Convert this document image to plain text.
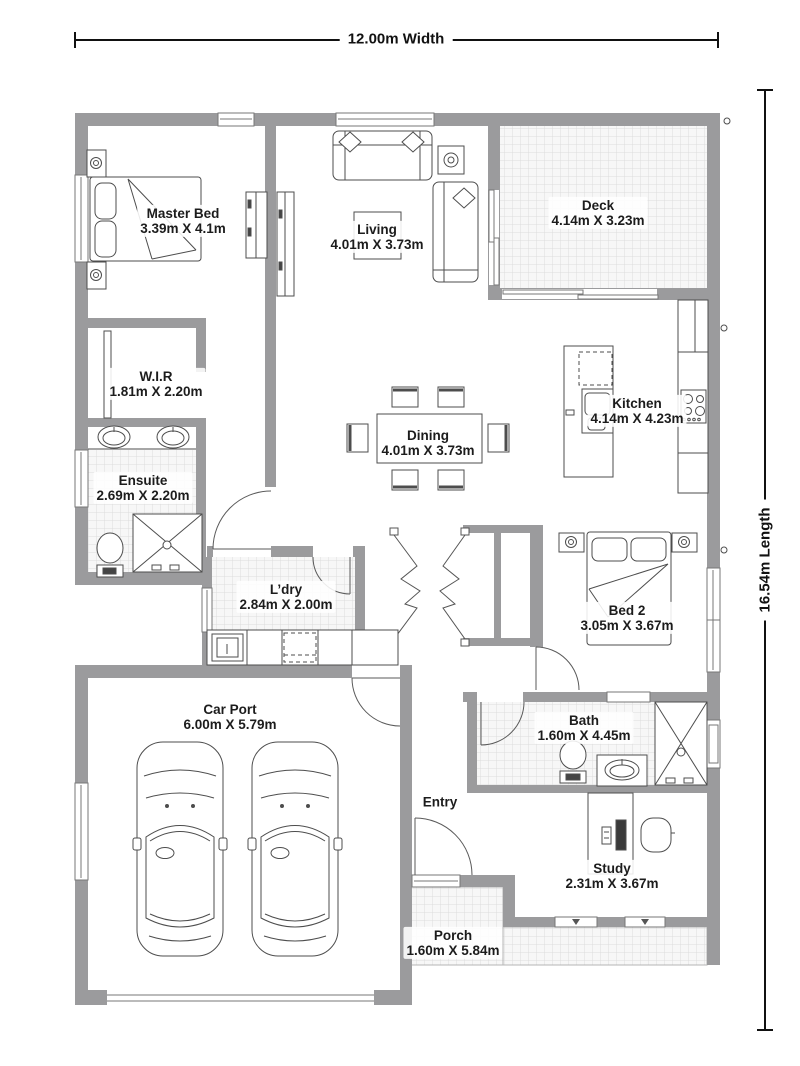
12.00m Width
16.54m Length
Master Bed
3.39m X 4.1m	Living
4.01m X 3.73m
Deck
4.14m X 3.23m
W.I.R
1.81m X 2.20m
Ensuite
2.69m X 2.20m
Dining
4.01m X 3.73m
Kitchen
4.14m X 4.23m
L’dry
2.84m X 2.00m	Bed 2
3.05m X 3.67m
Car Port
6.00m X 5.79m	Bath
1.60m X 4.45m
Entry
Study
2.31m X 3.67m
Porch
1.60m X 5.84m
